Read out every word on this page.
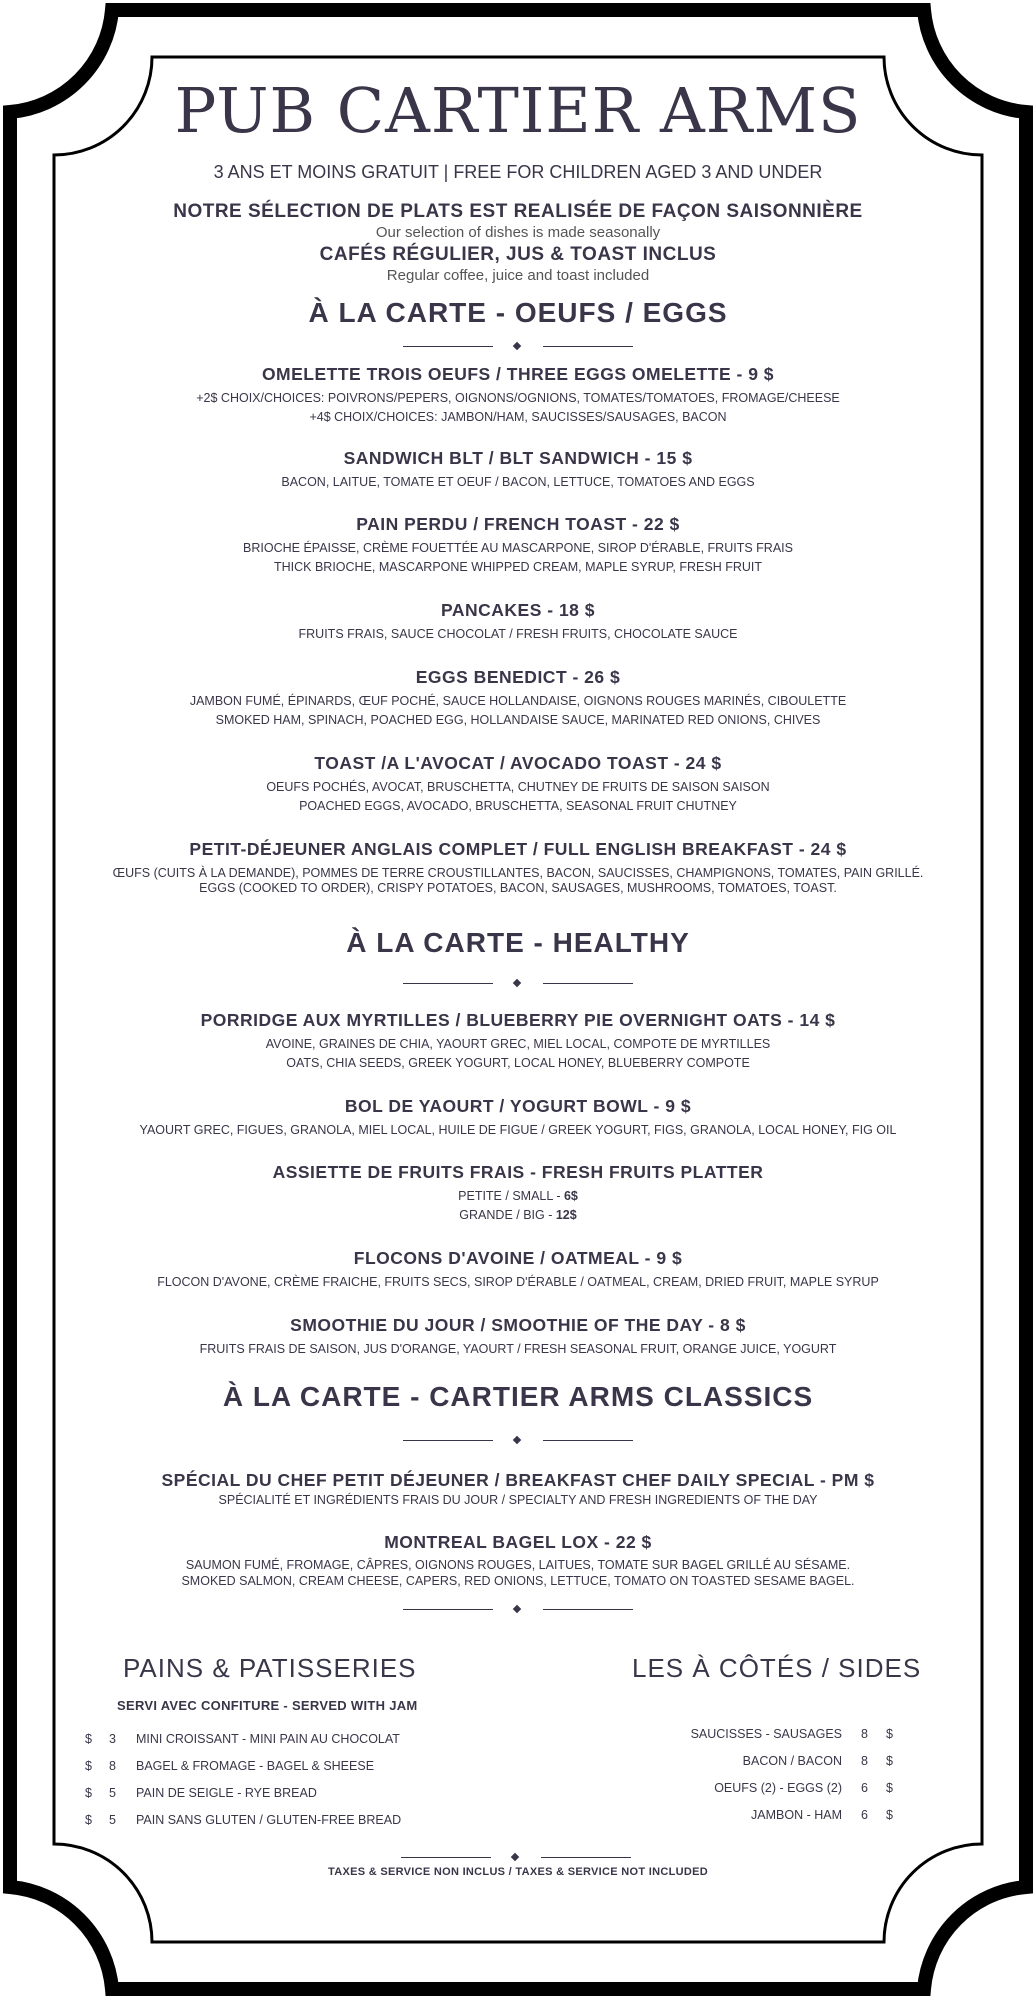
PUB CARTIER ARMS
3 ANS ET MOINS GRATUIT | FREE FOR CHILDREN AGED 3 AND UNDER
NOTRE SÉLECTION DE PLATS EST REALISÉE DE FAÇON SAISONNIÈRE
Our selection of dishes is made seasonally
CAFÉS RÉGULIER, JUS & TOAST INCLUS
Regular coffee, juice and toast included
À LA CARTE - OEUFS / EGGS
OMELETTE TROIS OEUFS / THREE EGGS OMELETTE - 9 $
+2$ CHOIX/CHOICES: POIVRONS/PEPERS, OIGNONS/OGNIONS, TOMATES/TOMATOES, FROMAGE/CHEESE
+4$ CHOIX/CHOICES: JAMBON/HAM, SAUCISSES/SAUSAGES, BACON
SANDWICH BLT / BLT SANDWICH - 15 $
BACON, LAITUE, TOMATE ET OEUF / BACON, LETTUCE, TOMATOES AND EGGS
PAIN PERDU / FRENCH TOAST - 22 $
BRIOCHE ÉPAISSE, CRÈME FOUETTÉE AU MASCARPONE, SIROP D'ÉRABLE, FRUITS FRAIS
THICK BRIOCHE, MASCARPONE WHIPPED CREAM, MAPLE SYRUP, FRESH FRUIT
PANCAKES - 18 $
FRUITS FRAIS, SAUCE CHOCOLAT / FRESH FRUITS, CHOCOLATE SAUCE
EGGS BENEDICT - 26 $
JAMBON FUMÉ, ÉPINARDS, ŒUF POCHÉ, SAUCE HOLLANDAISE, OIGNONS ROUGES MARINÉS, CIBOULETTE
SMOKED HAM, SPINACH, POACHED EGG, HOLLANDAISE SAUCE, MARINATED RED ONIONS, CHIVES
TOAST /A L'AVOCAT / AVOCADO TOAST - 24 $
OEUFS POCHÉS, AVOCAT, BRUSCHETTA, CHUTNEY DE FRUITS DE SAISON SAISON
POACHED EGGS, AVOCADO, BRUSCHETTA, SEASONAL FRUIT CHUTNEY
PETIT-DÉJEUNER ANGLAIS COMPLET / FULL ENGLISH BREAKFAST - 24 $
ŒUFS (CUITS À LA DEMANDE), POMMES DE TERRE CROUSTILLANTES, BACON, SAUCISSES, CHAMPIGNONS, TOMATES, PAIN GRILLÉ.
EGGS (COOKED TO ORDER), CRISPY POTATOES, BACON, SAUSAGES, MUSHROOMS, TOMATOES, TOAST.
À LA CARTE - HEALTHY
PORRIDGE AUX MYRTILLES / BLUEBERRY PIE OVERNIGHT OATS - 14 $
AVOINE, GRAINES DE CHIA, YAOURT GREC, MIEL LOCAL, COMPOTE DE MYRTILLES
OATS, CHIA SEEDS, GREEK YOGURT, LOCAL HONEY, BLUEBERRY COMPOTE
BOL DE YAOURT / YOGURT BOWL - 9 $
YAOURT GREC, FIGUES, GRANOLA, MIEL LOCAL, HUILE DE FIGUE / GREEK YOGURT, FIGS, GRANOLA, LOCAL HONEY, FIG OIL
ASSIETTE DE FRUITS FRAIS - FRESH FRUITS PLATTER
PETITE / SMALL - 6$
GRANDE / BIG - 12$
FLOCONS D'AVOINE / OATMEAL - 9 $
FLOCON D'AVONE, CRÈME FRAICHE, FRUITS SECS, SIROP D'ÉRABLE / OATMEAL, CREAM, DRIED FRUIT, MAPLE SYRUP
SMOOTHIE DU JOUR / SMOOTHIE OF THE DAY - 8 $
FRUITS FRAIS DE SAISON, JUS D'ORANGE, YAOURT / FRESH SEASONAL FRUIT, ORANGE JUICE, YOGURT
À LA CARTE - CARTIER ARMS CLASSICS
SPÉCIAL DU CHEF PETIT DÉJEUNER / BREAKFAST CHEF DAILY SPECIAL - PM $
SPÉCIALITÉ ET INGRÉDIENTS FRAIS DU JOUR / SPECIALTY AND FRESH INGREDIENTS OF THE DAY
MONTREAL BAGEL LOX - 22 $
SAUMON FUMÉ, FROMAGE, CÂPRES, OIGNONS ROUGES, LAITUES, TOMATE SUR BAGEL GRILLÉ AU SÉSAME.
SMOKED SALMON, CREAM CHEESE, CAPERS, RED ONIONS, LETTUCE, TOMATO ON TOASTED SESAME BAGEL.
PAINS & PATISSERIES
SERVI AVEC CONFITURE - SERVED WITH JAM
$ 3 MINI CROISSANT - MINI PAIN AU CHOCOLAT
$ 8 BAGEL & FROMAGE - BAGEL & SHEESE
$ 5 PAIN DE SEIGLE - RYE BREAD
$ 5 PAIN SANS GLUTEN / GLUTEN-FREE BREAD
LES À CÔTÉS / SIDES
SAUCISSES - SAUSAGES 8 $
BACON / BACON 8 $
OEUFS (2) - EGGS (2) 6 $
JAMBON - HAM 6 $
TAXES & SERVICE NON INCLUS / TAXES & SERVICE NOT INCLUDED
